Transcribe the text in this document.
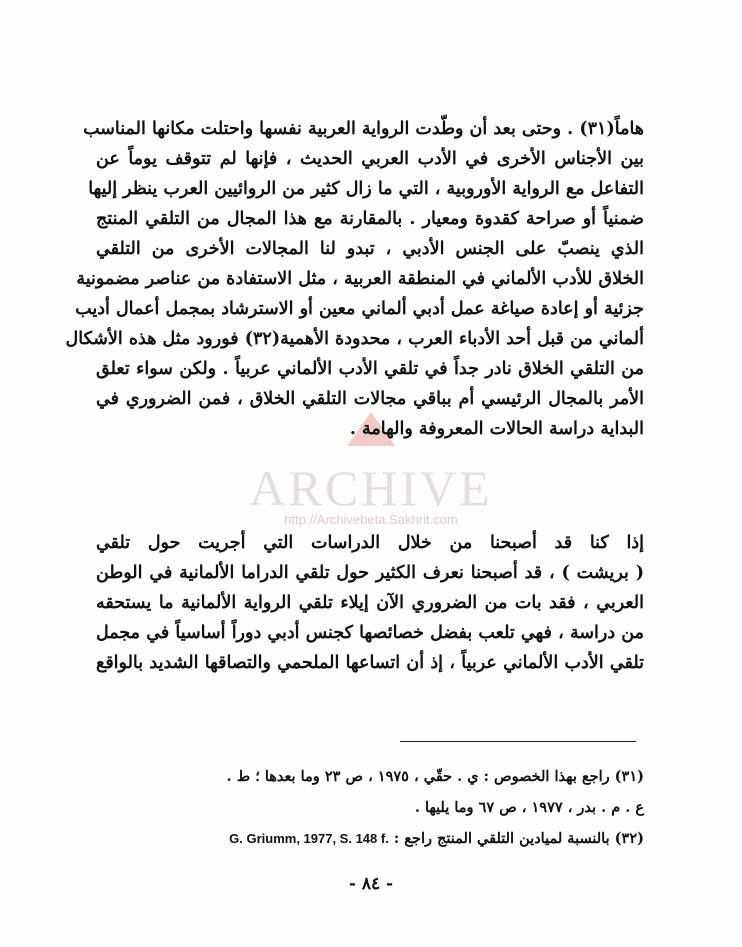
ARCHIVE
http://Archivebeta.Sakhrit.com
هاماً(٣١) . وحتى بعد أن وطّدت الرواية العربية نفسها واحتلت مكانها المناسب
بين الأجناس الأخرى في الأدب العربي الحديث ، فإنها لم تتوقف يوماً عن
التفاعل مع الرواية الأوروبية ، التي ما زال كثير من الروائيين العرب ينظر إليها
ضمنياً أو صراحة كقدوة ومعيار . بالمقارنة مع هذا المجال من التلقي المنتج
الذي ينصبّ على الجنس الأدبي ، تبدو لنا المجالات الأخرى من التلقي
الخلاق للأدب الألماني في المنطقة العربية ، مثل الاستفادة من عناصر مضمونية
جزئية أو إعادة صياغة عمل أدبي ألماني معين أو الاسترشاد بمجمل أعمال أديب
ألماني من قبل أحد الأدباء العرب ، محدودة الأهمية(٣٢) فورود مثل هذه الأشكال
من التلقي الخلاق نادر جداً في تلقي الأدب الألماني عربياً . ولكن سواء تعلق
الأمر بالمجال الرئيسي أم بباقي مجالات التلقي الخلاق ، فمن الضروري في
البداية دراسة الحالات المعروفة والهامة .
إذا كنا قد أصبحنا من خلال الدراسات التي أجريت حول تلقي
( بريشت ) ، قد أصبحنا نعرف الكثير حول تلقي الدراما الألمانية في الوطن
العربي ، فقد بات من الضروري الآن إيلاء تلقي الرواية الألمانية ما يستحقه
من دراسة ، فهي تلعب بفضل خصائصها كجنس أدبي دوراً أساسياً في مجمل
تلقي الأدب الألماني عربياً ، إذ أن اتساعها الملحمي والتصاقها الشديد بالواقع
(٣١) راجع بهذا الخصوص : ي . حقّي ، ١٩٧٥ ، ص ٢٣ وما بعدها ؛ ط .
ع . م . بدر ، ١٩٧٧ ، ص ٦٧ وما يليها .
(٣٢) بالنسبة لميادين التلقي المنتج راجع : G. Griumm, 1977, S. 148 f.
- ٨٤ -
